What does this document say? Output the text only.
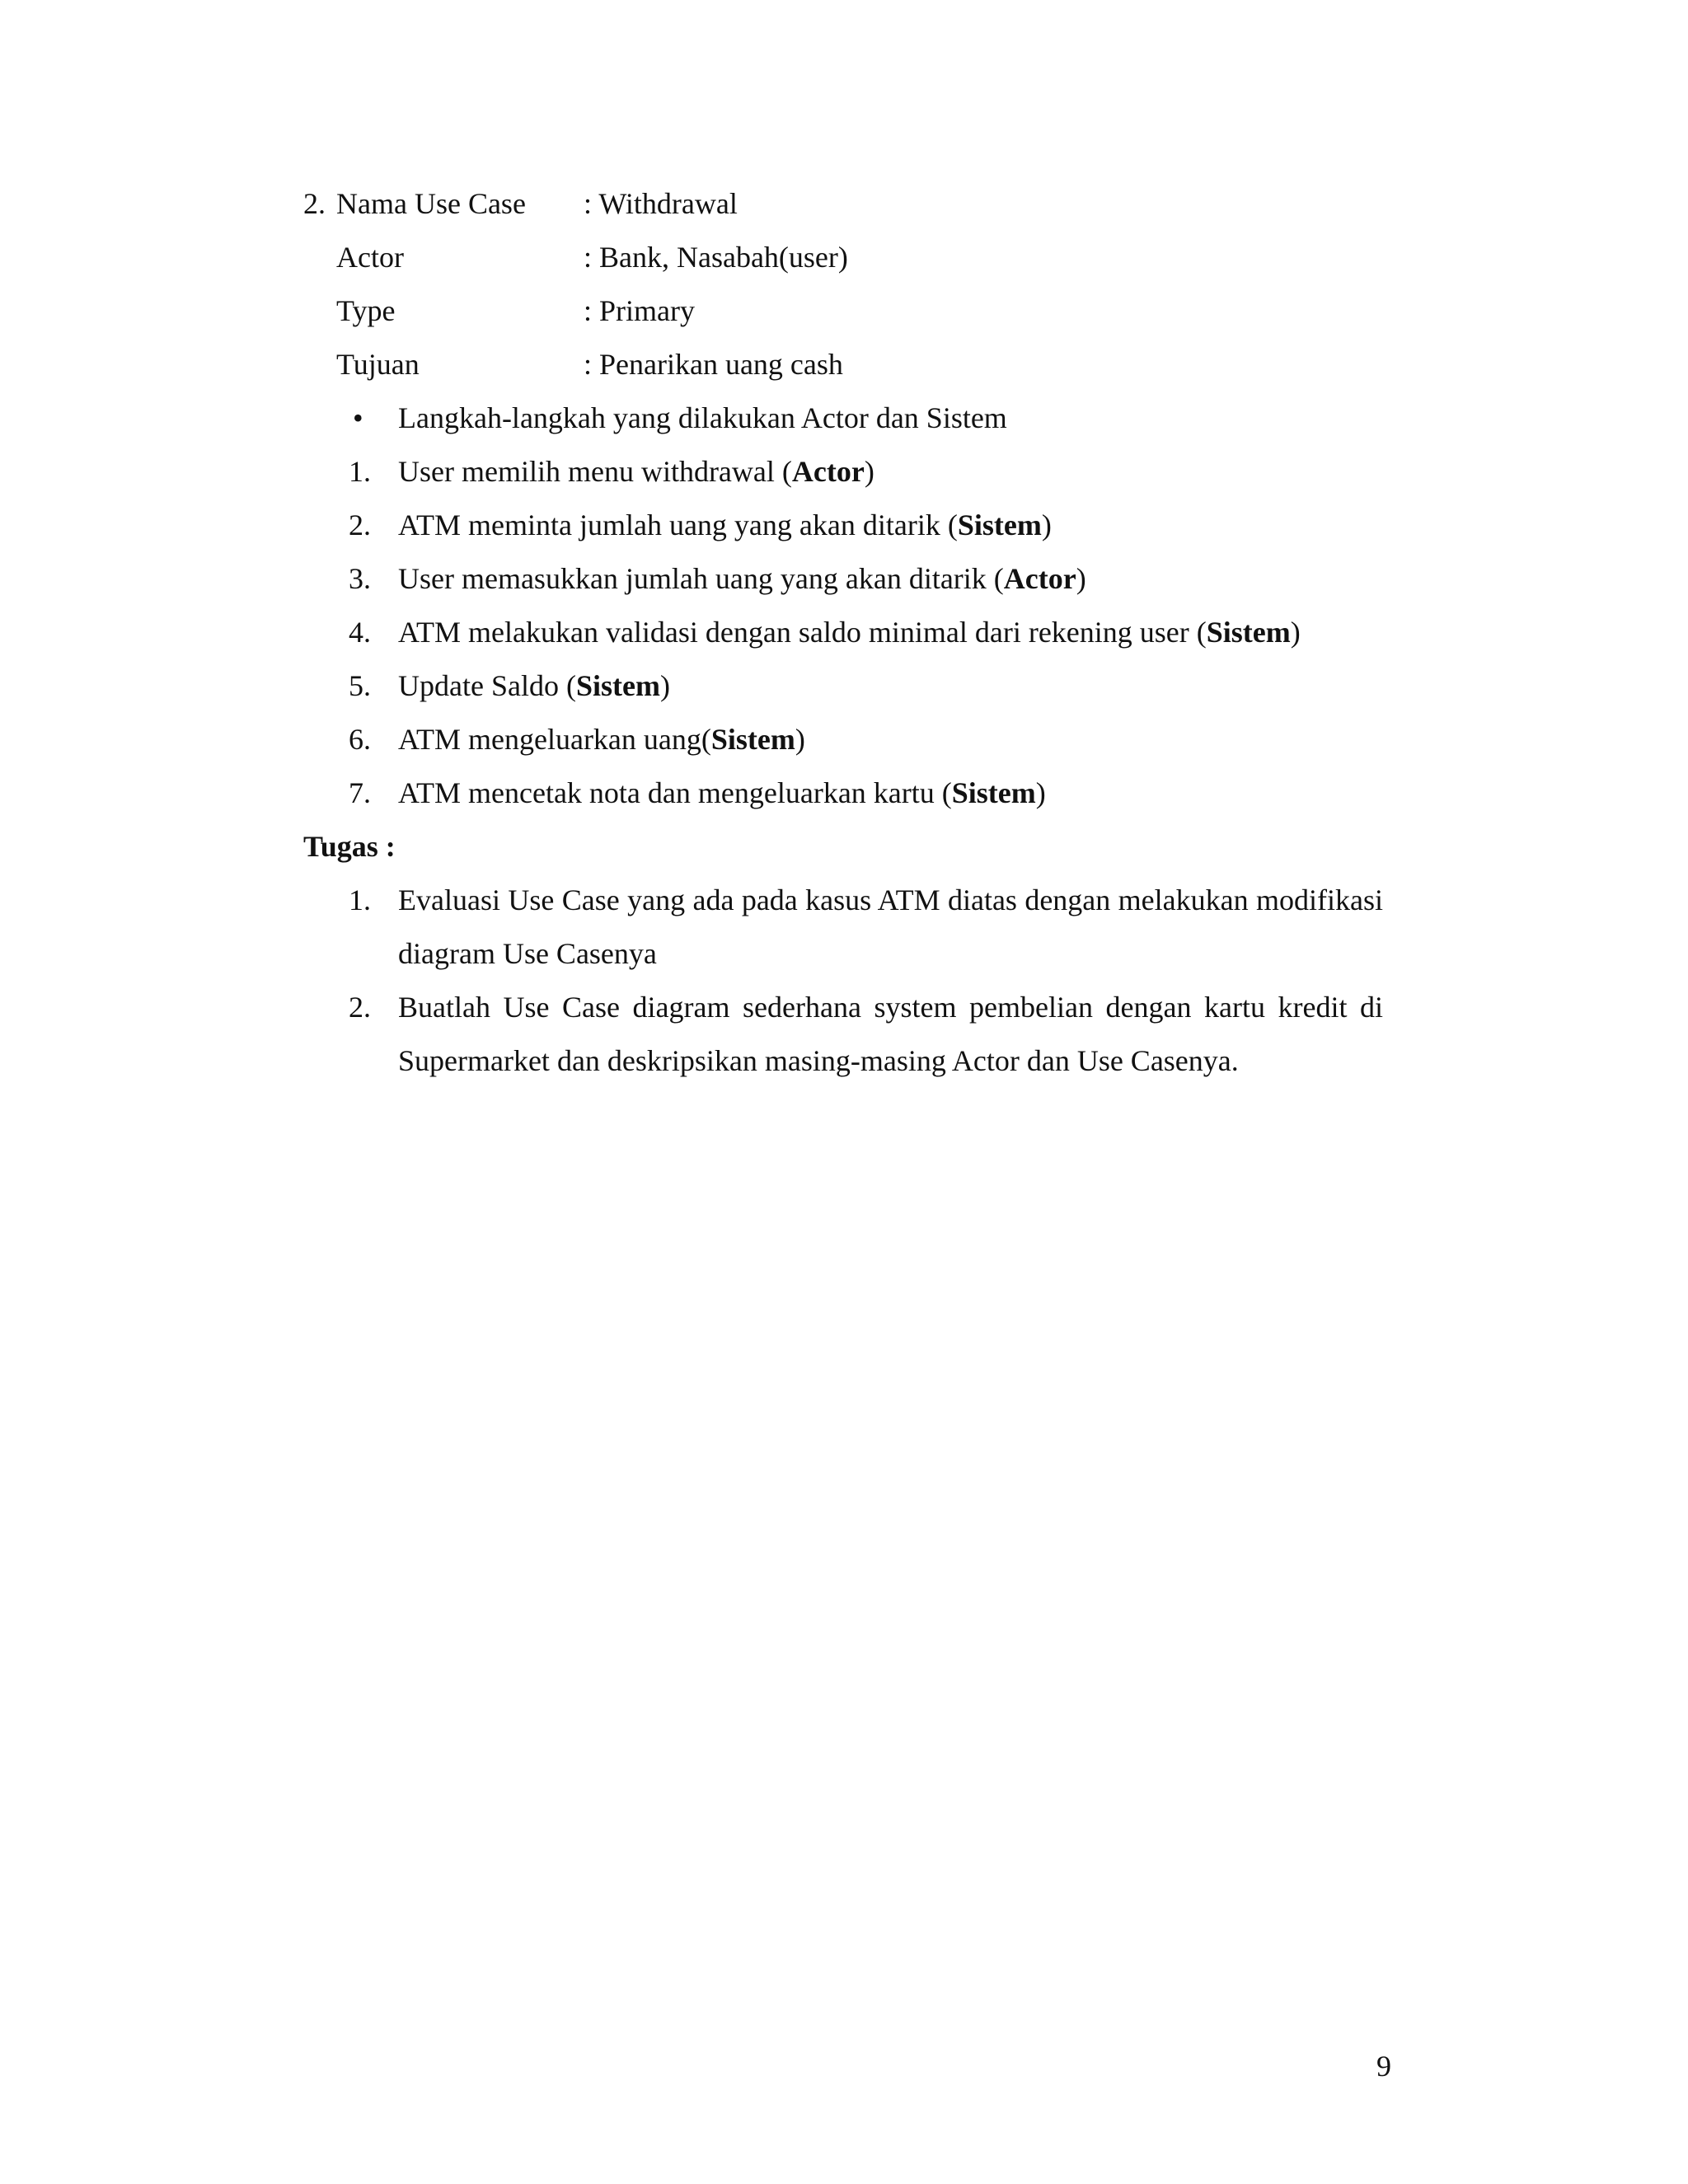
2. Nama Use Case : Withdrawal
Actor	: Bank, Nasabah(user)
Type	: Primary
Tujuan	: Penarikan uang cash
• Langkah-langkah yang dilakukan Actor dan Sistem
1. User memilih menu withdrawal (Actor)
2. ATM meminta jumlah uang yang akan ditarik (Sistem)
3. User memasukkan jumlah uang yang akan ditarik (Actor)
4. ATM melakukan validasi dengan saldo minimal dari rekening user (Sistem)
5. Update Saldo (Sistem)
6. ATM mengeluarkan uang(Sistem)
7. ATM mencetak nota dan mengeluarkan kartu (Sistem)
Tugas :
1. Evaluasi Use Case yang ada pada kasus ATM diatas dengan melakukan modifikasi diagram Use Casenya
2. Buatlah Use Case diagram sederhana system pembelian dengan kartu kredit di Supermarket dan deskripsikan masing-masing Actor dan Use Casenya.
9
